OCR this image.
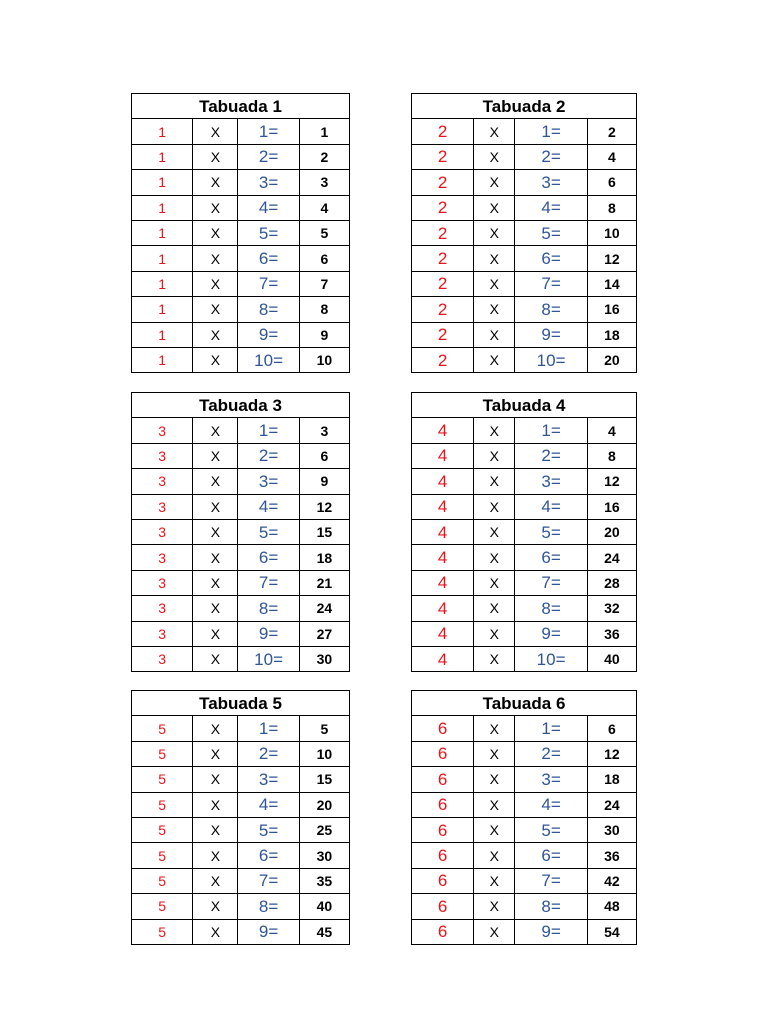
Tabuada 1			
1	X	1=	1
1	X	2=	2
1	X	3=	3
1	X	4=	4
1	X	5=	5
1	X	6=	6
1	X	7=	7
1	X	8=	8
1	X	9=	9
1	X	10=	10
Tabuada 2			
2	X	1=	2
2	X	2=	4
2	X	3=	6
2	X	4=	8
2	X	5=	10
2	X	6=	12
2	X	7=	14
2	X	8=	16
2	X	9=	18
2	X	10=	20
Tabuada 3			
3	X	1=	3
3	X	2=	6
3	X	3=	9
3	X	4=	12
3	X	5=	15
3	X	6=	18
3	X	7=	21
3	X	8=	24
3	X	9=	27
3	X	10=	30
Tabuada 4			
4	X	1=	4
4	X	2=	8
4	X	3=	12
4	X	4=	16
4	X	5=	20
4	X	6=	24
4	X	7=	28
4	X	8=	32
4	X	9=	36
4	X	10=	40
Tabuada 5			
5	X	1=	5
5	X	2=	10
5	X	3=	15
5	X	4=	20
5	X	5=	25
5	X	6=	30
5	X	7=	35
5	X	8=	40
5	X	9=	45
Tabuada 6			
6	X	1=	6
6	X	2=	12
6	X	3=	18
6	X	4=	24
6	X	5=	30
6	X	6=	36
6	X	7=	42
6	X	8=	48
6	X	9=	54
